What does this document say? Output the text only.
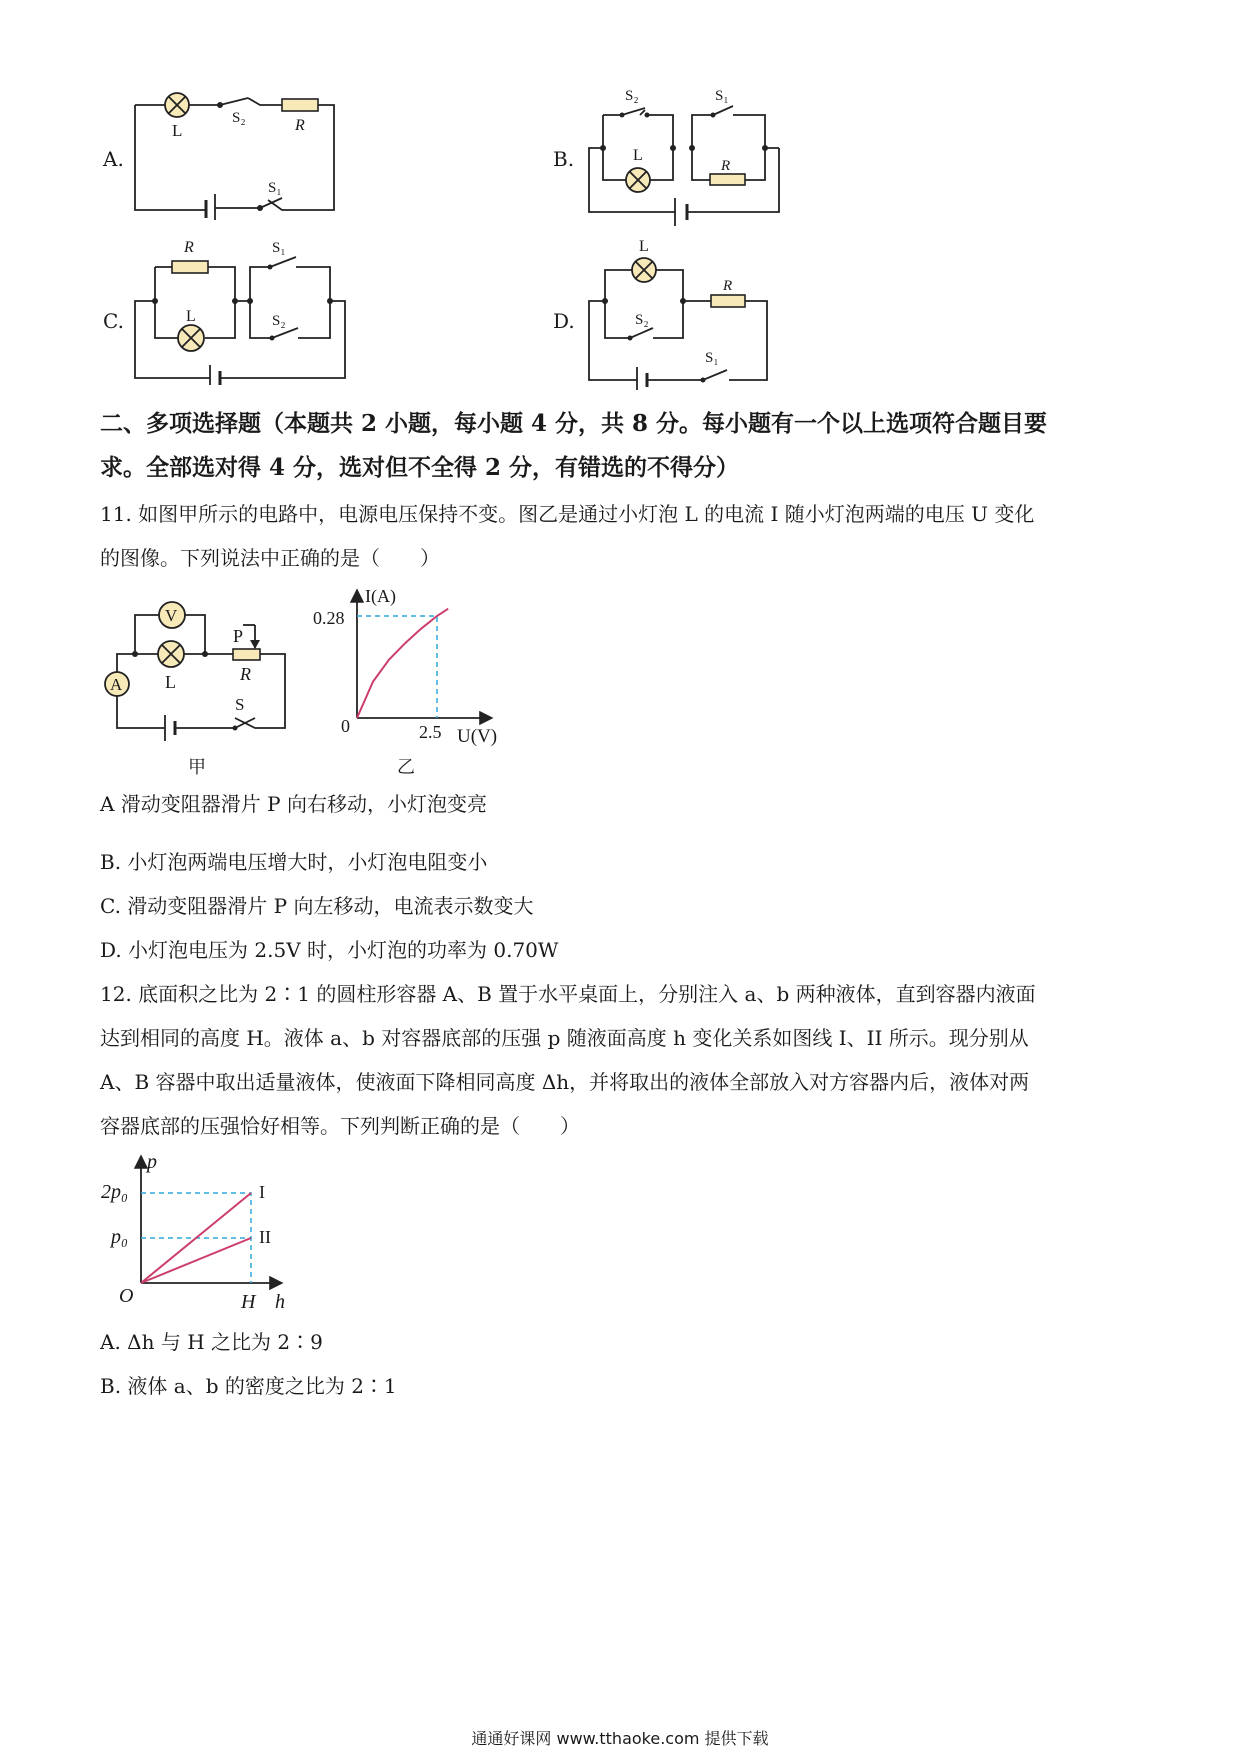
A.
L
S₂	R
S₁
B.
S₂	S₁
L
R
C.
R	S₁
L	S₂	D.
L
R
S₂
S₁
二、多项选择题（本题共 2 小题，每小题 4 分，共 8 分。每小题有一个以上选项符合题目要
求。全部选对得 4 分，选对但不全得 2 分，有错选的不得分）
11. 如图甲所示的电路中，电源电压保持不变。图乙是通过小灯泡 L 的电流 I 随小灯泡两端的电压 U 变化
的图像。下列说法中正确的是（　　）
V
A L
P
R
S
甲
I(A)
0.28
0	2.5 U(V)
乙
A 滑动变阻器滑片 P 向右移动，小灯泡变亮
B. 小灯泡两端电压增大时，小灯泡电阻变小
C. 滑动变阻器滑片 P 向左移动，电流表示数变大
D. 小灯泡电压为 2.5V 时，小灯泡的功率为 0.70W
12. 底面积之比为 2∶1 的圆柱形容器 A、B 置于水平桌面上，分别注入 a、b 两种液体，直到容器内液面
达到相同的高度 H。液体 a、b 对容器底部的压强 p 随液面高度 h 变化关系如图线 I、II 所示。现分别从
A、B 容器中取出适量液体，使液面下降相同高度 Δh，并将取出的液体全部放入对方容器内后，液体对两
容器底部的压强恰好相等。下列判断正确的是（　　）
p
2p₀
p₀
O	H h
I
II
A. Δh 与 H 之比为 2∶9
B. 液体 a、b 的密度之比为 2∶1
通通好课网 www.tthaoke.com 提供下载
